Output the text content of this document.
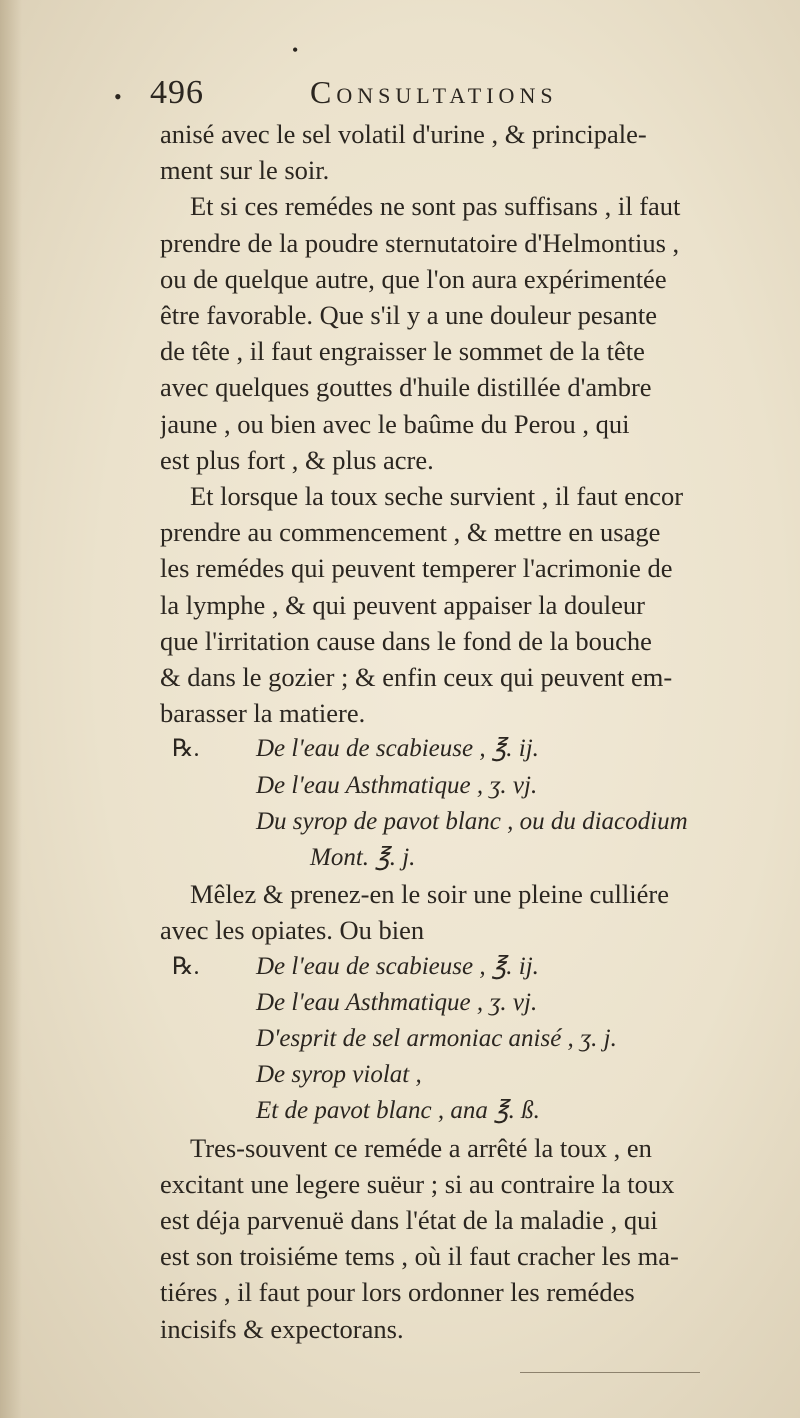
•
•
496	Consultations
anisé avec le sel volatil d'urine , & principale-
ment sur le soir.
Et si ces remédes ne sont pas suffisans , il faut
prendre de la poudre sternutatoire d'Helmontius ,
ou de quelque autre, que l'on aura expérimentée
être favorable. Que s'il y a une douleur pesante
de tête , il faut engraisser le sommet de la tête
avec quelques gouttes d'huile distillée d'ambre
jaune , ou bien avec le baûme du Perou , qui
est plus fort , & plus acre.
Et lorsque la toux seche survient , il faut encor
prendre au commencement , & mettre en usage
les remédes qui peuvent temperer l'acrimonie de
la lymphe , & qui peuvent appaiser la douleur
que l'irritation cause dans le fond de la bouche
& dans le gozier ; & enfin ceux qui peuvent em-
barasser la matiere.
℞. De l'eau de scabieuse , ℥. ij.
De l'eau Asthmatique , ʒ. vj.
Du syrop de pavot blanc , ou du diacodium
Mont. ℥. j.
Mêlez & prenez-en le soir une pleine culliére
avec les opiates. Ou bien
℞. De l'eau de scabieuse , ℥. ij.
De l'eau Asthmatique , ʒ. vj.
D'esprit de sel armoniac anisé , ʒ. j.
De syrop violat ,
Et de pavot blanc , ana ℥. ß.
Tres-souvent ce reméde a arrêté la toux , en
excitant une legere suëur ; si au contraire la toux
est déja parvenuë dans l'état de la maladie , qui
est son troisiéme tems , où il faut cracher les ma-
tiéres , il faut pour lors ordonner les remédes
incisifs & expectorans.
